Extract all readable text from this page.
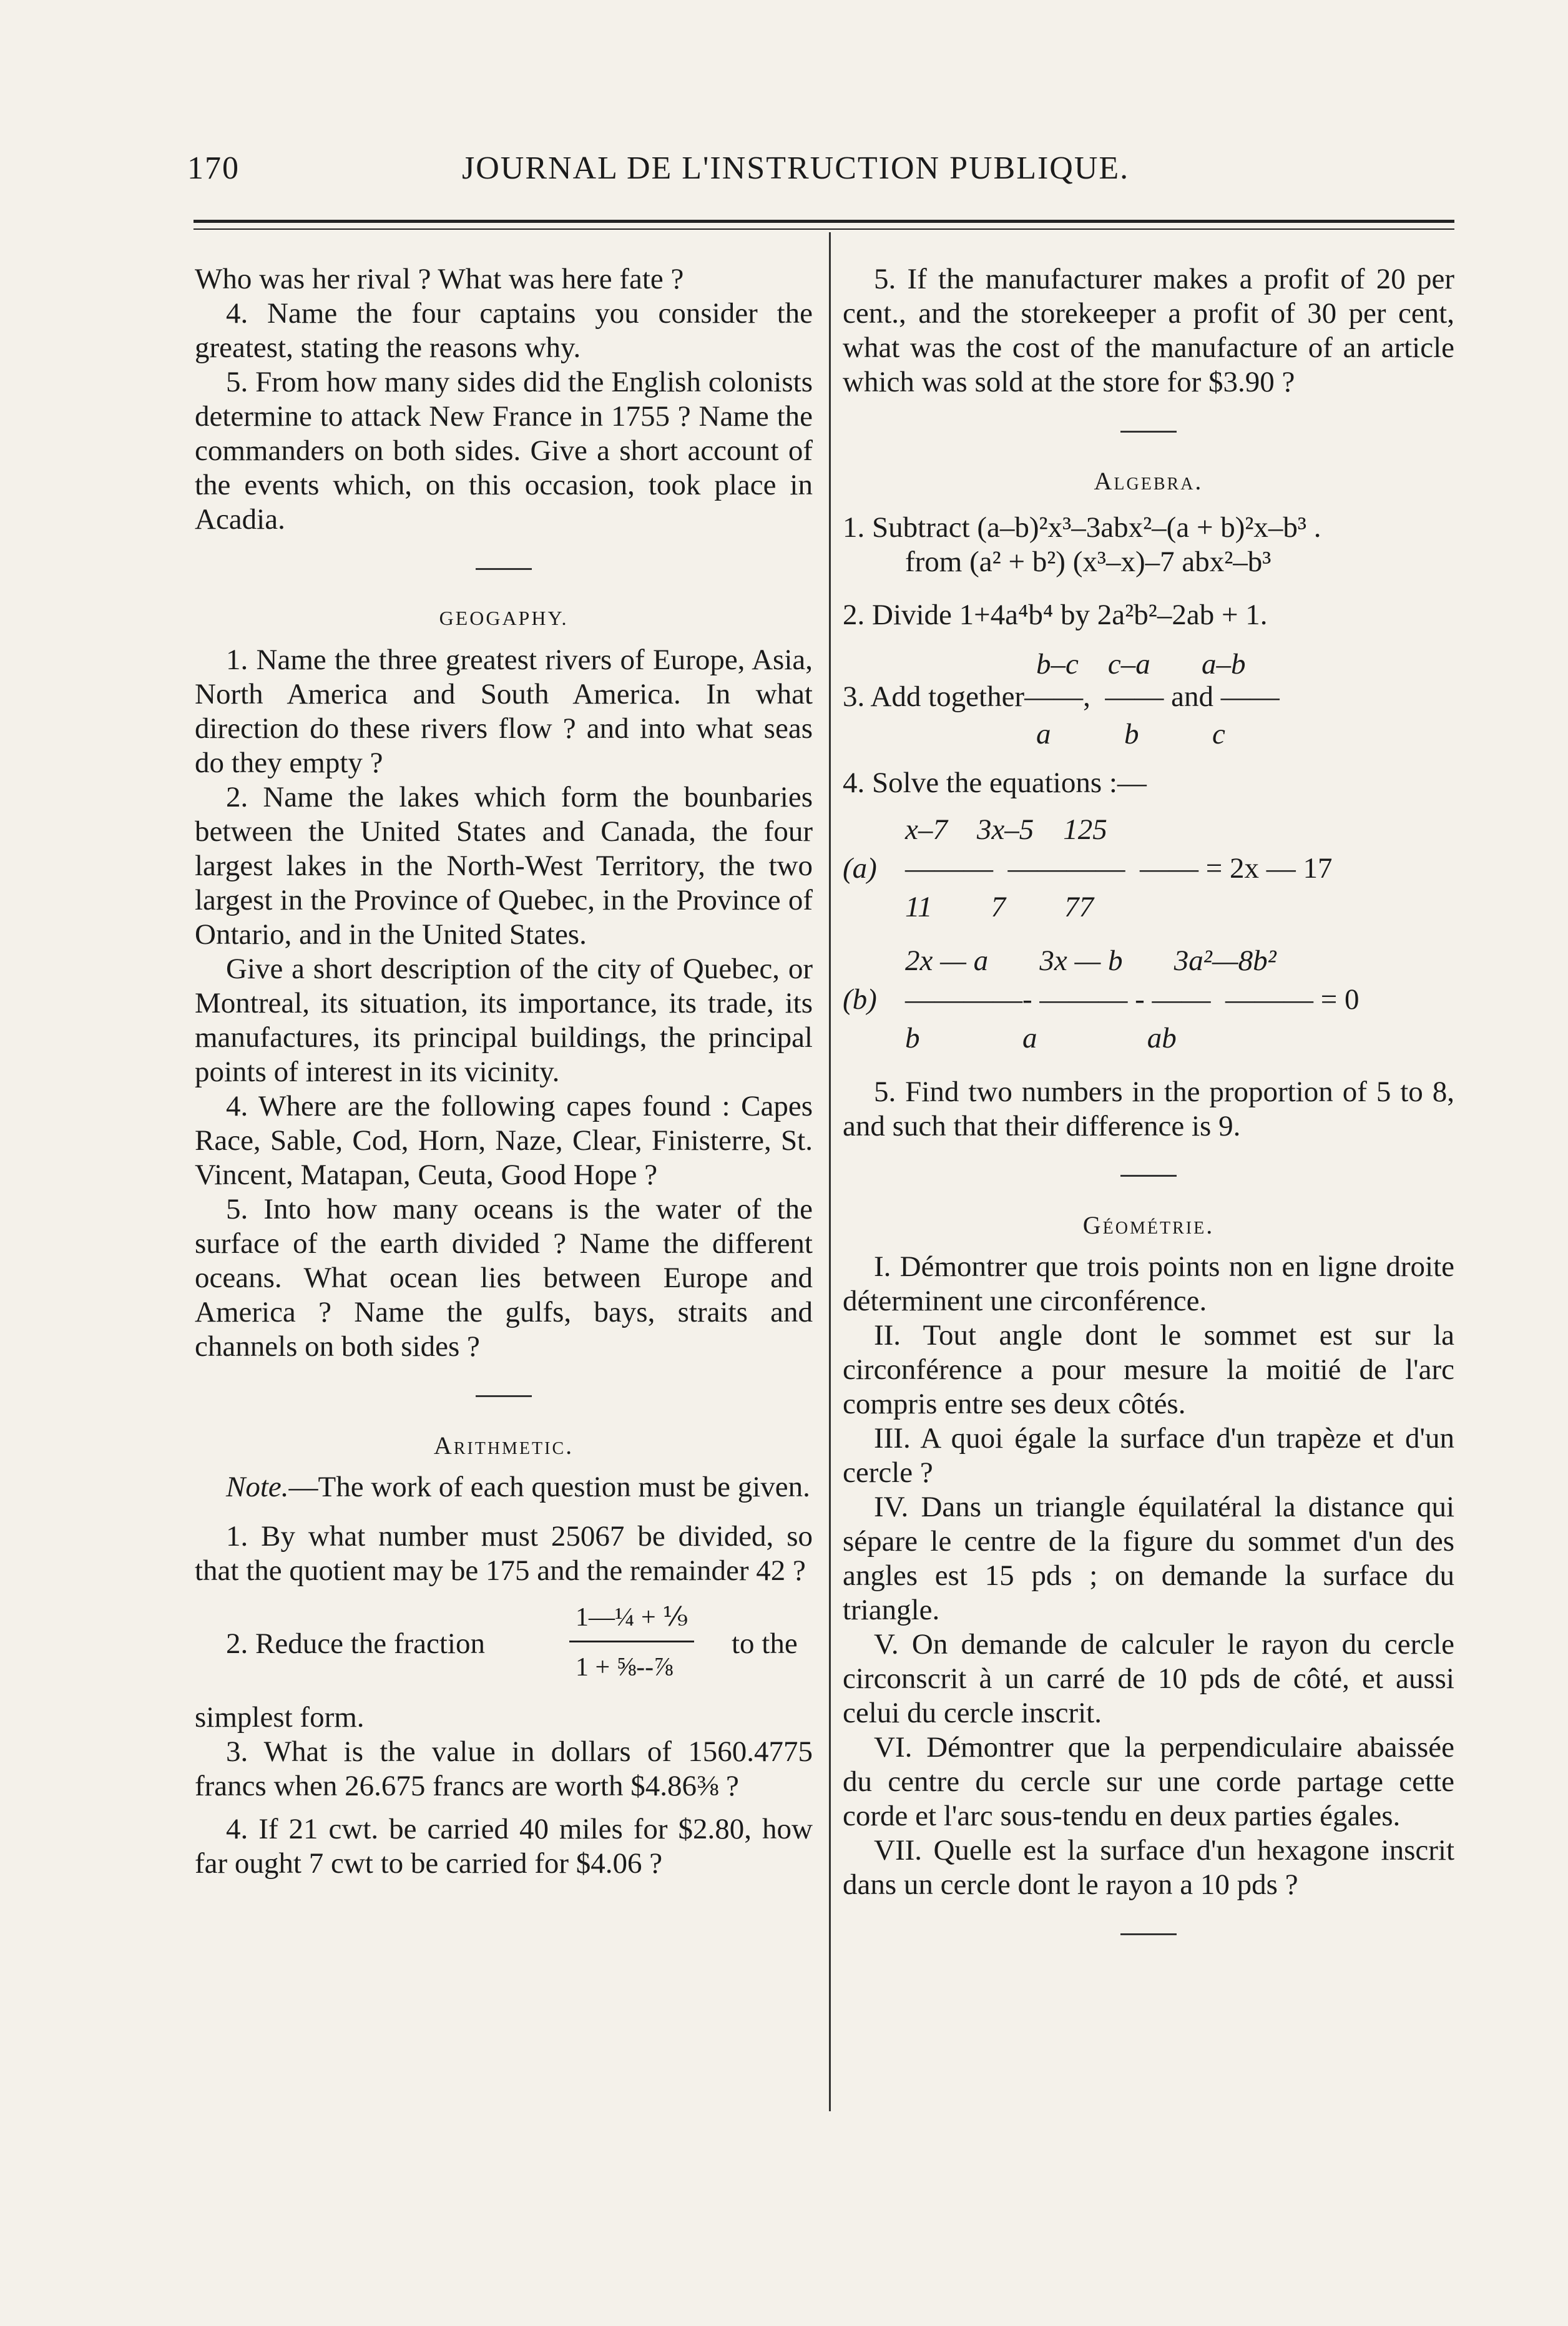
170	JOURNAL DE L'INSTRUCTION PUBLIQUE.

Who was her rival ? What was here fate ?

4. Name the four captains you consider the greatest, stating the reasons why.

5. From how many sides did the English colonists determine to attack New France in 1755 ? Name the commanders on both sides. Give a short account of the events which, on this occasion, took place in Acadia.

GEOGAPHY.

1. Name the three greatest rivers of Europe, Asia, North America and South America. In what direction do these rivers flow ? and into what seas do they empty ?

2. Name the lakes which form the bounbaries between the United States and Canada, the four largest lakes in the North-West Territory, the two largest in the Province of Quebec, in the Province of Ontario, and in the United States.

Give a short description of the city of Quebec, or Montreal, its situation, its importance, its trade, its manufactures, its principal buildings, the principal points of interest in its vicinity.

4. Where are the following capes found : Capes Race, Sable, Cod, Horn, Naze, Clear, Finisterre, St. Vincent, Matapan, Ceuta, Good Hope ?

5. Into how many oceans is the water of the surface of the earth divided ? Name the different oceans. What ocean lies between Europe and America ? Name the gulfs, bays, straits and channels on both sides ?

Arithmetic.

Note.—The work of each question must be given.

1. By what number must 25067 be divided, so that the quotient may be 175 and the remainder 42 ?

2. Reduce the fraction
1—¼ + ⅑
1 + ⅝--⅞
to the

simplest form.

3. What is the value in dollars of 1560.4775 francs when 26.675 francs are worth $4.86⅜ ?

4. If 21 cwt. be carried 40 miles for $2.80, how far ought 7 cwt to be carried for $4.06 ?

5. If the manufacturer makes a profit of 20 per cent., and the storekeeper a profit of 30 per cent, what was the cost of the manufacture of an article which was sold at the store for $3.90 ?

Algebra.

1. Subtract (a–b)²x³–3abx²–(a + b)²x–b³ .

from (a² + b²) (x³–x)–7 abx²–b³

2. Divide 1+4a⁴b⁴ by 2a²b²–2ab + 1.

b–c    c–a       a–b
3. Add together——,  —— and ——
a          b          c

4. Solve the equations :—

(a)
x–7    3x–5    125
———  ————  —— = 2x — 17
11        7        77
(b)
2x — a       3x — b       3a²—8b²
————- ——— - ——  ——— = 0
b              a               ab

5. Find two numbers in the proportion of 5 to 8, and such that their difference is 9.

Géométrie.

I. Démontrer que trois points non en ligne droite déterminent une circonférence.

II. Tout angle dont le sommet est sur la circonférence a pour mesure la moitié de l'arc compris entre ses deux côtés.

III. A quoi égale la surface d'un trapèze et d'un cercle ?

IV. Dans un triangle équilatéral la distance qui sépare le centre de la figure du sommet d'un des angles est 15 pds ; on demande la surface du triangle.

V. On demande de calculer le rayon du cercle circonscrit à un carré de 10 pds de côté, et aussi celui du cercle inscrit.

VI. Démontrer que la perpendiculaire abaissée du centre du cercle sur une corde partage cette corde et l'arc sous-tendu en deux parties égales.

VII. Quelle est la surface d'un hexagone inscrit dans un cercle dont le rayon a 10 pds ?
